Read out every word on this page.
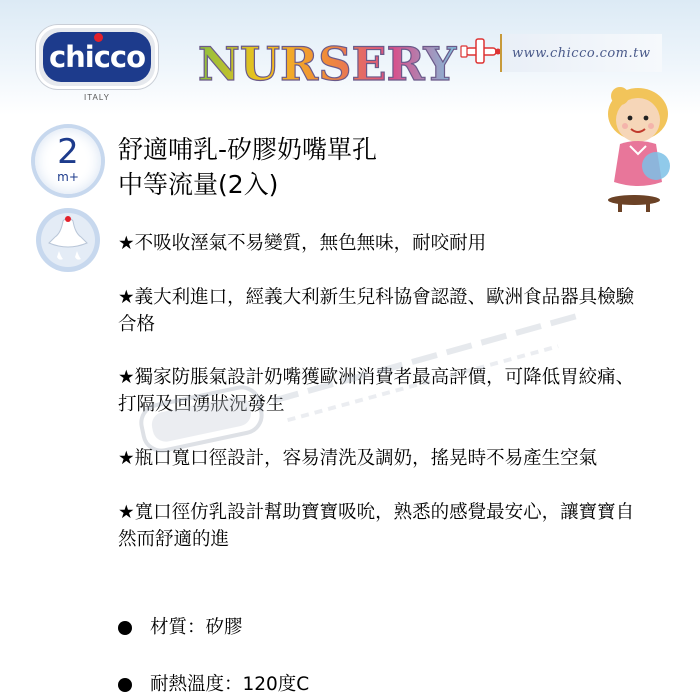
chicco
ITALY
NURSERY	www.chicco.com.tw
2
m+
舒適哺乳-矽膠奶嘴單孔
中等流量(2入)
★不吸收溼氣不易變質，無色無味，耐咬耐用
★義大利進口，經義大利新生兒科協會認證、歐洲食品器具檢驗合格
★獨家防脹氣設計奶嘴獲歐洲消費者最高評價，可降低胃絞痛、打隔及回湧狀況發生
★瓶口寬口徑設計，容易清洗及調奶，搖晃時不易產生空氣
★寬口徑仿乳設計幫助寶寶吸吮，熟悉的感覺最安心，讓寶寶自然而舒適的進
材質：矽膠
耐熱溫度：120度C
